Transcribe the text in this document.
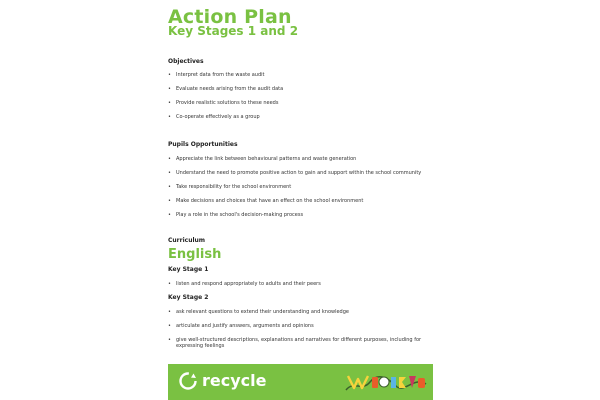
Action Plan
Key Stages 1 and 2
Objectives
• Interpret data from the waste audit
• Evaluate needs arising from the audit data
• Provide realistic solutions to these needs
• Co-operate effectively as a group
Pupils Opportunities
• Appreciate the link between behavioural patterns and waste generation
• Understand the need to promote positive action to gain and support within the school community
• Take responsibility for the school environment
• Make decisions and choices that have an effect on the school environment
• Play a role in the school's decision-making process
Curriculum
English
Key Stage 1
• listen and respond appropriately to adults and their peers
Key Stage 2
• ask relevant questions to extend their understanding and knowledge
• articulate and justify answers, arguments and opinions
• give well-structured descriptions, explanations and narratives for different purposes, including for expressing feelings
recycle
